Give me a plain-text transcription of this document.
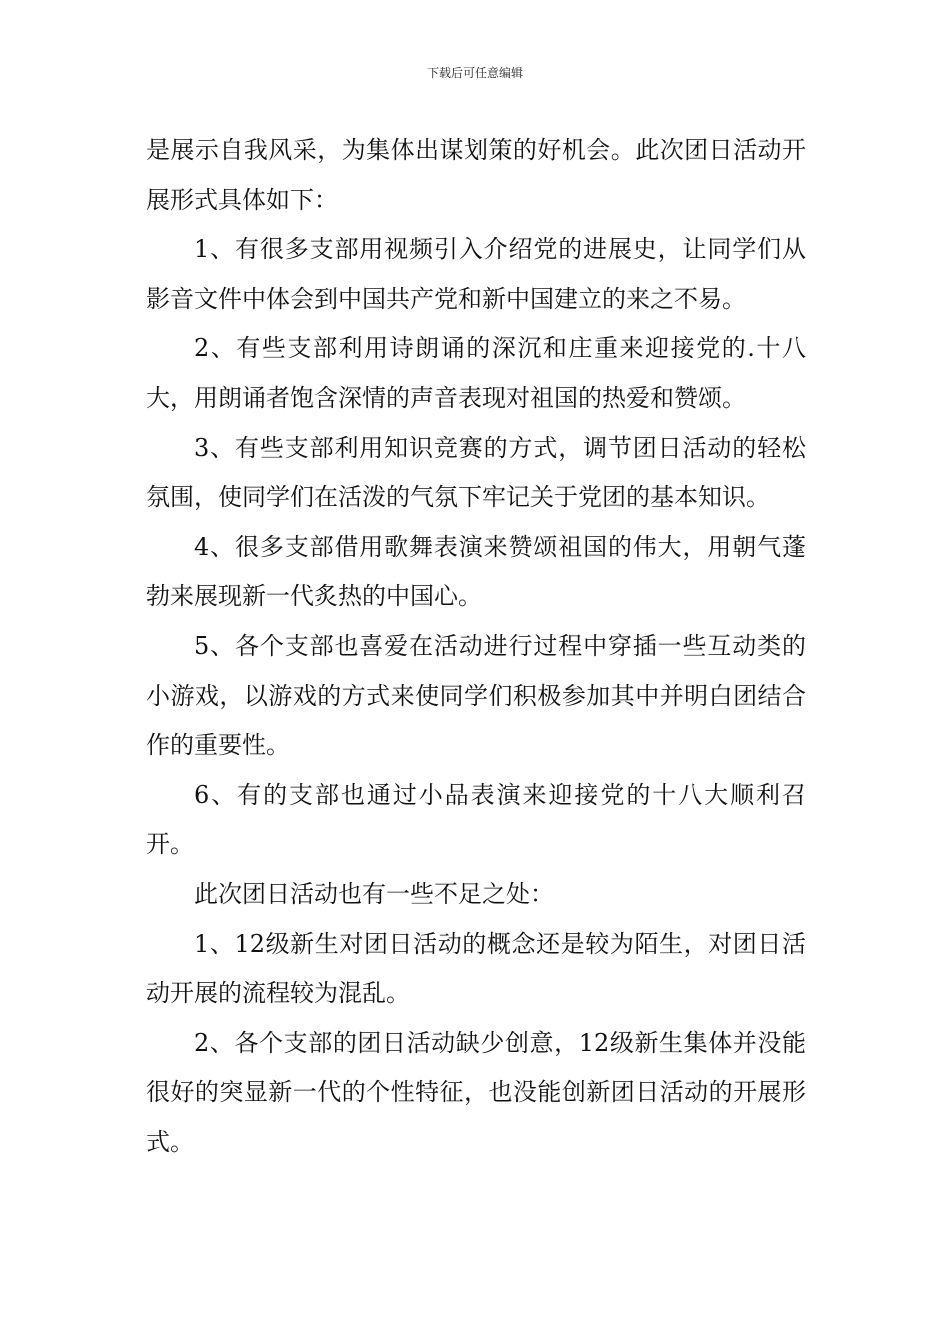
下载后可任意编辑

是展示自我风采，为集体出谋划策的好机会。此次团日活动开展形式具体如下：

1、有很多支部用视频引入介绍党的进展史，让同学们从影音文件中体会到中国共产党和新中国建立的来之不易。

2、有些支部利用诗朗诵的深沉和庄重来迎接党的.十八大，用朗诵者饱含深情的声音表现对祖国的热爱和赞颂。

3、有些支部利用知识竞赛的方式，调节团日活动的轻松氛围，使同学们在活泼的气氛下牢记关于党团的基本知识。

4、很多支部借用歌舞表演来赞颂祖国的伟大，用朝气蓬勃来展现新一代炙热的中国心。

5、各个支部也喜爱在活动进行过程中穿插一些互动类的小游戏，以游戏的方式来使同学们积极参加其中并明白团结合作的重要性。

6、有的支部也通过小品表演来迎接党的十八大顺利召开。

此次团日活动也有一些不足之处：

1、12级新生对团日活动的概念还是较为陌生，对团日活动开展的流程较为混乱。

2、各个支部的团日活动缺少创意，12级新生集体并没能很好的突显新一代的个性特征，也没能创新团日活动的开展形式。
